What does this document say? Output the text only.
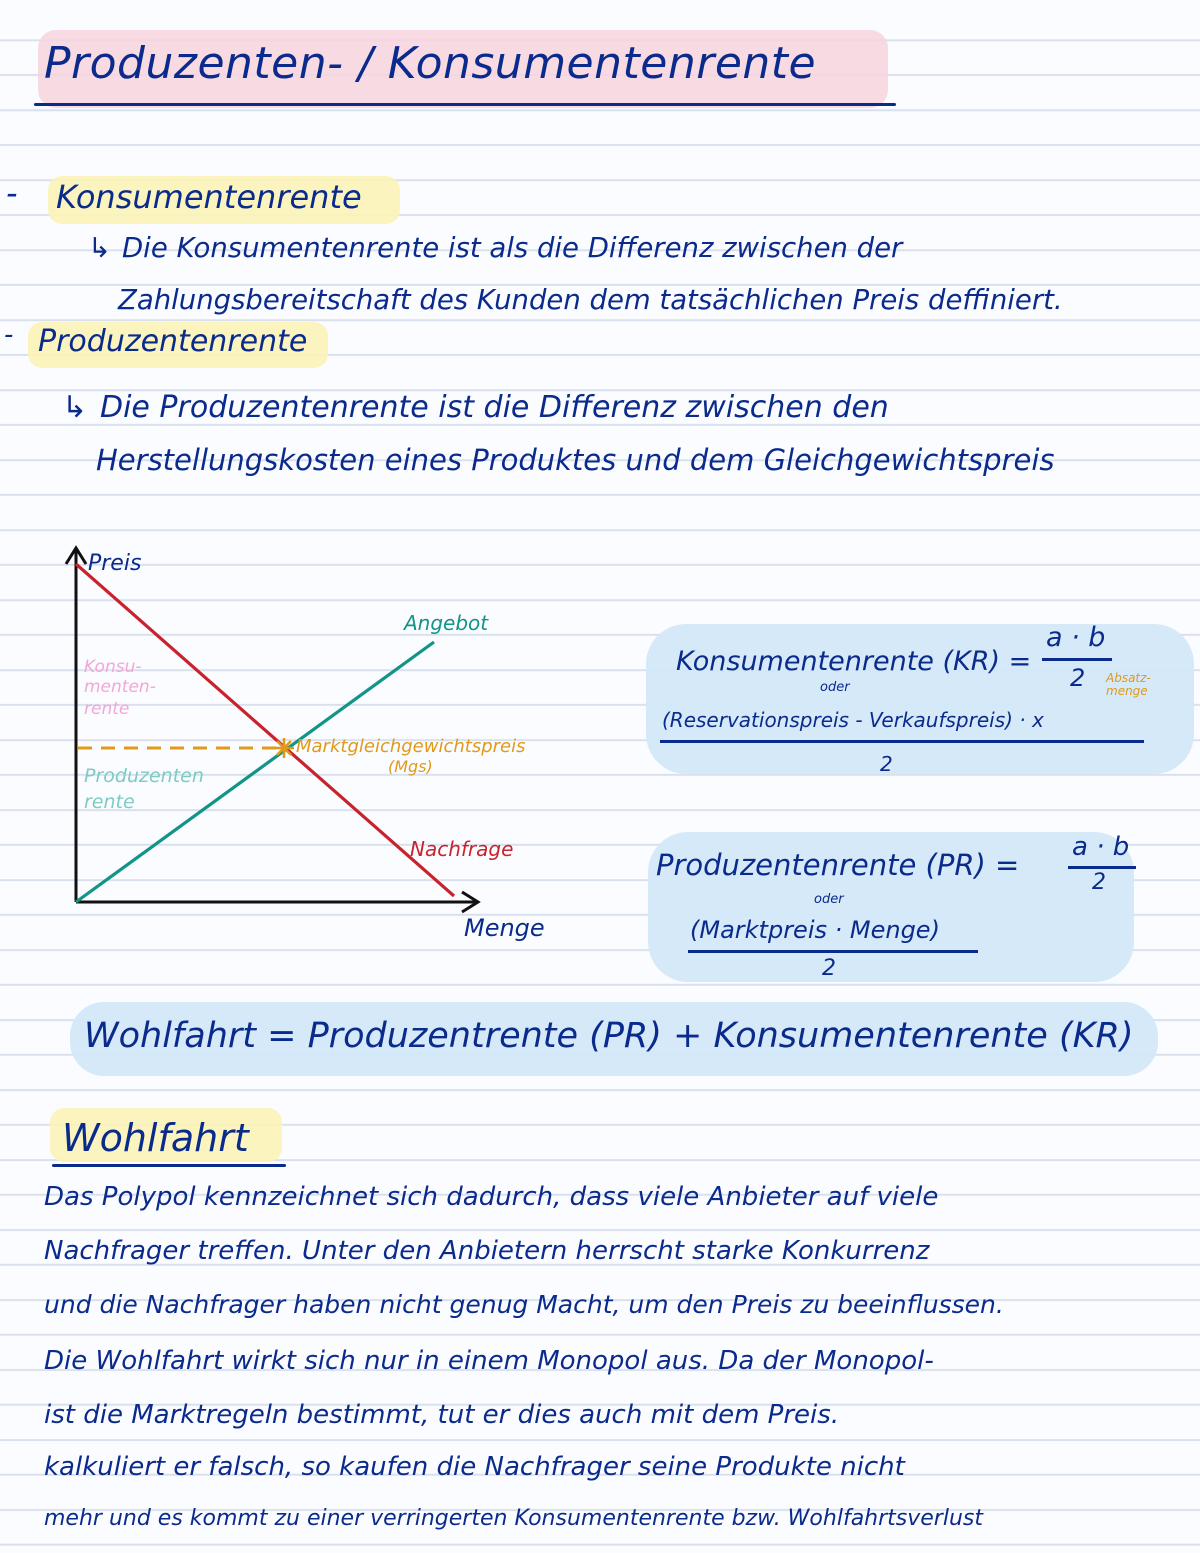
Produzenten- / Konsumentenrente
- Konsumentenrente
↳ Die Konsumentenrente ist als die Differenz zwischen der
Zahlungsbereitschaft des Kunden dem tatsächlichen Preis deffiniert.
- Produzentenrente
↳ Die Produzentenrente ist die Differenz zwischen den
Herstellungskosten eines Produktes und dem Gleichgewichtspreis
Preis
Menge
Angebot
Nachfrage
Marktgleichgewichtspreis
(Mgs)
Konsu-
menten-
rente
Produzenten
rente
Konsumentenrente (KR) =
a · b
2 Absatz-menge
oder
(Reservationspreis - Verkaufspreis) · x
2
Produzentenrente (PR) =
a · b
2
oder
(Marktpreis · Menge)
2
Wohlfahrt = Produzentrente (PR) + Konsumentenrente (KR)
Wohlfahrt
Das Polypol kennzeichnet sich dadurch, dass viele Anbieter auf viele
Nachfrager treffen. Unter den Anbietern herrscht starke Konkurrenz
und die Nachfrager haben nicht genug Macht, um den Preis zu beeinflussen.
Die Wohlfahrt wirkt sich nur in einem Monopol aus. Da der Monopol-
ist die Marktregeln bestimmt, tut er dies auch mit dem Preis.
kalkuliert er falsch, so kaufen die Nachfrager seine Produkte nicht
mehr und es kommt zu einer verringerten Konsumentenrente bzw. Wohlfahrtsverlust
